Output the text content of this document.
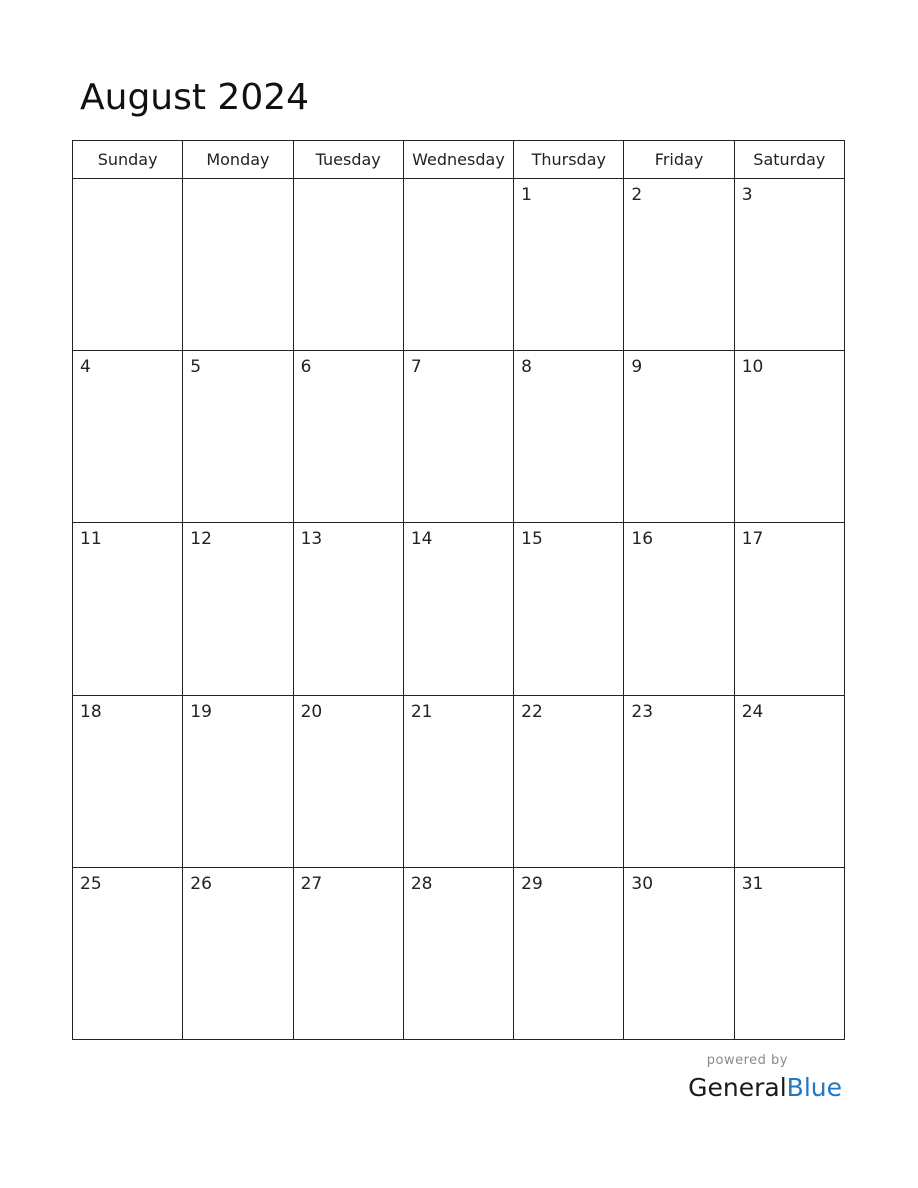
August 2024
Sunday	Monday	Tuesday	Wednesday	Thursday	Friday	Saturday

				1	2	3

4	5	6	7	8	9	10

11	12	13	14	15	16	17

18	19	20	21	22	23	24

25	26	27	28	29	30	31
powered by
GeneralBlue
